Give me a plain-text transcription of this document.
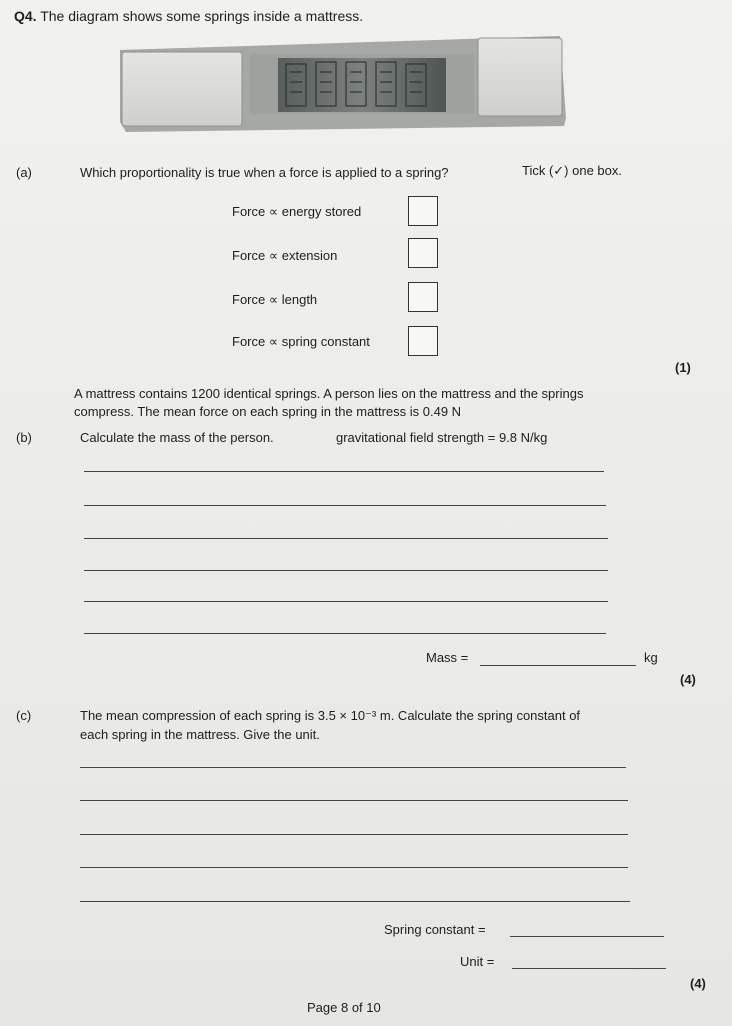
Q4. The diagram shows some springs inside a mattress.
(a)	Which proportionality is true when a force is applied to a spring?	Tick (✓) one box.
Force ∝ energy stored
Force ∝ extension
Force ∝ length
Force ∝ spring constant
(1)
A mattress contains 1200 identical springs. A person lies on the mattress and the springs
compress. The mean force on each spring in the mattress is 0.49 N
(b)	Calculate the mass of the person.	gravitational field strength = 9.8 N/kg
Mass =	kg
(4)
(c)	The mean compression of each spring is 3.5 × 10⁻³ m. Calculate the spring constant of
each spring in the mattress. Give the unit.
Spring constant =
Unit =
(4)
Page 8 of 10
